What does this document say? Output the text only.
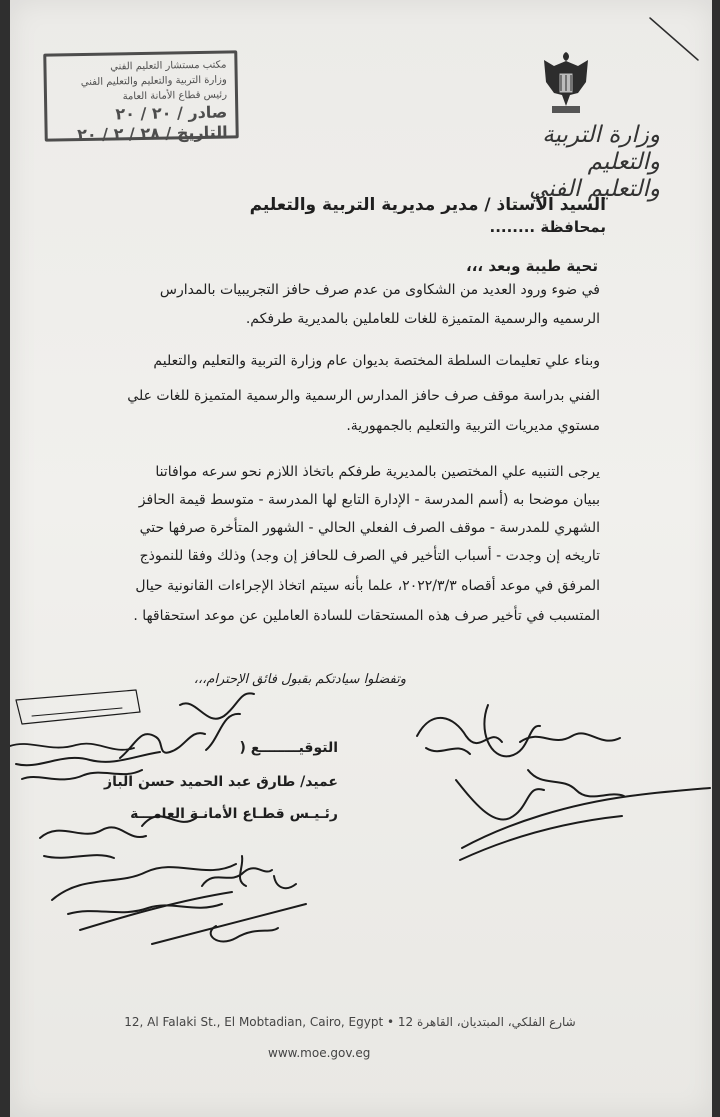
مكتب مستشار التعليم الفني
وزارة التربية والتعليم والتعليم الفني
رئيس قطاع الأمانة العامة
صادر / ٢٠ / ٢٠
التاريخ / ٢٨ / ٢ / ٢٠	وزارة التربية والتعليم
والتعليم الفني
السيد الأستاذ / مدير مديرية التربية والتعليم
بمحافظة ........
تحية طيبة وبعد ،،،
في ضوء ورود العديد من الشكاوى من عدم صرف حافز التجريبيات بالمدارس
الرسميه والرسمية المتميزة للغات للعاملين بالمديرية طرفكم.
وبناء علي تعليمات السلطة المختصة بديوان عام وزارة التربية والتعليم والتعليم
الفني بدراسة موقف صرف حافز المدارس الرسمية والرسمية المتميزة للغات علي
مستوي مديريات التربية والتعليم بالجمهورية.
يرجى التنبيه علي المختصين بالمديرية طرفكم باتخاذ اللازم نحو سرعه موافاتنا
ببيان موضحا به (أسم المدرسة - الإدارة التابع لها المدرسة - متوسط قيمة الحافز
الشهري للمدرسة - موقف الصرف الفعلي الحالي - الشهور المتأخرة صرفها حتي
تاريخه إن وجدت - أسباب التأخير في الصرف للحافز إن وجد) وذلك وفقا للنموذج
المرفق في موعد أقصاه ٢٠٢٢/٣/٣، علما بأنه سيتم اتخاذ الإجراءات القانونية حيال
المتسبب في تأخير صرف هذه المستحقات للسادة العاملين عن موعد استحقاقها .
وتفضلوا سيادتكم بقبول فائق الإحترام،،،
التوقيــــــــع (
عميد/ طارق عبد الحميد حسن الباز
رئـيـس قطـاع الأمانـة العامـــة
12, Al Falaki St., El Mobtadian, Cairo, Egypt • 12 شارع الفلكي، المبتديان، القاهرة
www.moe.gov.eg
